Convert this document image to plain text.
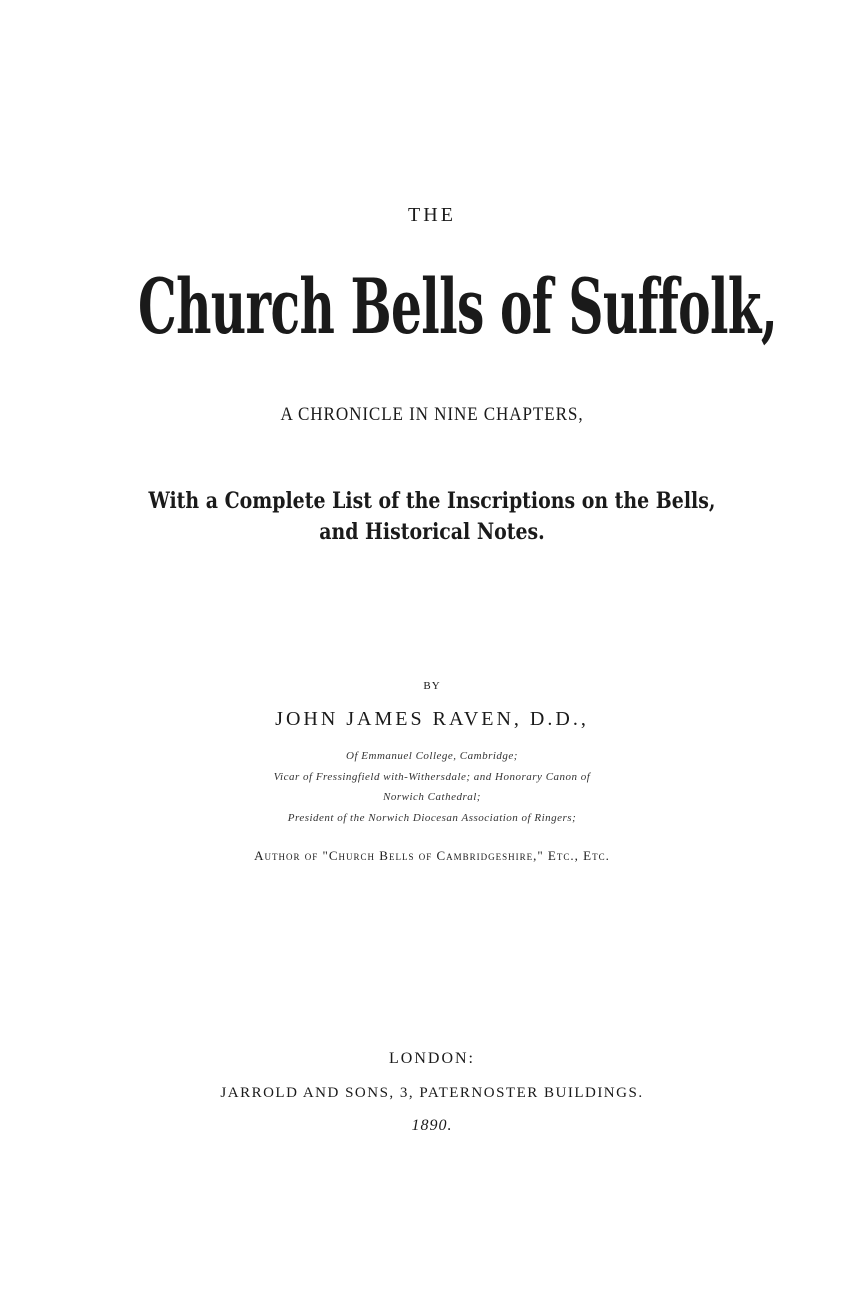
THE
Church Bells of Suffolk,
A CHRONICLE IN NINE CHAPTERS,
With a Complete List of the Inscriptions on the Bells,
and Historical Notes.
BY
JOHN JAMES RAVEN, D.D.,
Of Emmanuel College, Cambridge;
Vicar of Fressingfield with-Withersdale; and Honorary Canon of
Norwich Cathedral;
President of the Norwich Diocesan Association of Ringers;
Author of "Church Bells of Cambridgeshire," Etc., Etc.
LONDON:
JARROLD AND SONS, 3, PATERNOSTER BUILDINGS.
1890.
